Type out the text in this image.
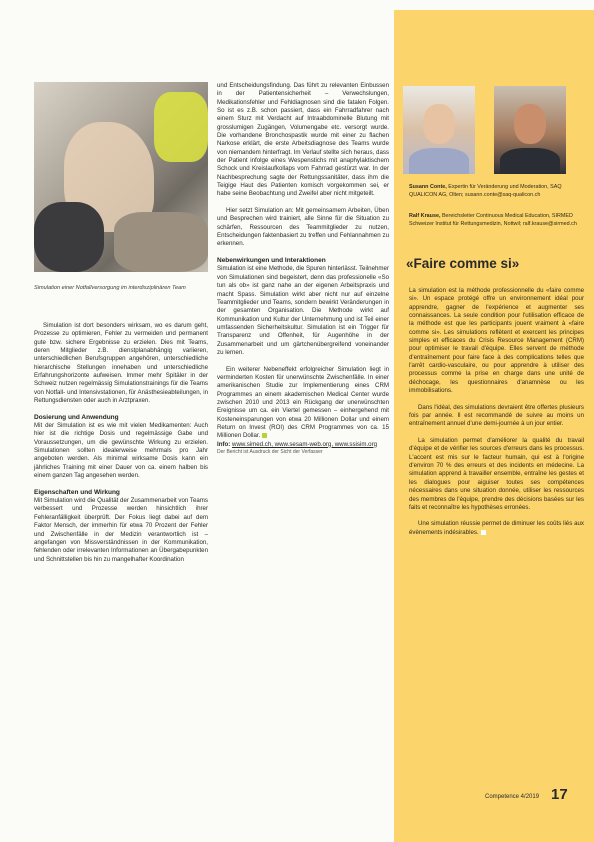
Simulation einer Notfallversorgung im interdisziplinären Team

Simulation ist dort besonders wirksam, wo es darum geht, Prozesse zu optimieren, Fehler zu vermeiden und permanent gute bzw. sichere Ergebnisse zu erzielen. Dies mit Teams, deren Mitglieder z.B. dienstplanabhängig variieren, unterschiedlichen Berufsgruppen angehören, unterschiedliche hierarchische Stellungen innehaben und unterschiedliche Erfahrungshorizonte aufweisen. Immer mehr Spitäler in der Schweiz nutzen regelmässig Simulationstrainings für die Teams von Notfall- und Intensivstationen, für Anästhesieabteilungen, in Rettungsdiensten oder auch in Arztpraxen.

Dosierung und Anwendung

Mit der Simulation ist es wie mit vielen Medikamenten: Auch hier ist die richtige Dosis und regelmässige Gabe und Voraussetzungen, um die gewünschte Wirkung zu erzielen. Simulationen sollten idealerweise mehrmals pro Jahr angeboten werden. Als minimal wirksame Dosis kann ein jährliches Training mit einer Dauer von ca. einem halben bis einem ganzen Tag angesehen werden.

Eigenschaften und Wirkung

Mit Simulation wird die Qualität der Zusammenarbeit von Teams verbessert und Prozesse werden hinsichtlich ihrer Fehleranfälligkeit überprüft. Der Fokus liegt dabei auf dem Faktor Mensch, der immerhin für etwa 70 Prozent der Fehler und Zwischenfälle in der Medizin verantwortlich ist – angefangen von Missverständnissen in der Kommunikation, fehlenden oder irrelevanten Informationen an Übergabepunkten und Schnittstellen bis hin zu mangelhafter Koordination

und Entscheidungsfindung. Das führt zu relevanten Einbussen in der Patientensicherheit – Verwechslungen, Medikationsfehler und Fehldiagnosen sind die fatalen Folgen. So ist es z.B. schon passiert, dass ein Fahrradfahrer nach einem Sturz mit Verdacht auf Intraabdominelle Blutung mit grosslumigen Zugängen, Volumengabe etc. versorgt wurde. Die vorhandene Bronchospastik wurde mit einer zu flachen Narkose erklärt, die erste Arbeitsdiagnose des Teams wurde von niemandem hinterfragt. Im Verlauf stellte sich heraus, dass der Patient infolge eines Wespenstichs mit anaphylaktischem Schock und Kreislaufkollaps vom Fahrrad gestürzt war. In der Nachbesprechung sagte der Rettungssanitäter, dass ihm die Teigige Haut des Patienten komisch vorgekommen sei, er habe seine Beobachtung und Zweifel aber nicht mitgeteilt.

Hier setzt Simulation an: Mit gemeinsamem Arbeiten, Üben und Besprechen wird trainiert, alle Sinne für die Situation zu schärfen, Ressourcen des Teammitglieder zu nutzen, Entscheidungen faktenbasiert zu treffen und Fehlannahmen zu erkennen.

Nebenwirkungen und Interaktionen

Simulation ist eine Methode, die Spuren hinterlässt. Teilnehmer von Simulationen sind begeistert, denn das professionelle «So tun als ob» ist ganz nahe an der eigenen Arbeitspraxis und macht Spass. Simulation wirkt aber nicht nur auf einzelne Teammitglieder und Teams, sondern bewirkt Veränderungen in der gesamten Organisation. Die Methode wirkt auf Kommunikation und Kultur der Unternehmung und ist Teil einer umfassenden Sicherheitskultur. Simulation ist ein Trigger für Transparenz und Offenheit, für Augenhöhe in der Zusammenarbeit und um gärtchenübergreifend voneinander zu lernen.

Ein weiterer Nebeneffekt erfolgreicher Simulation liegt in verminderten Kosten für unerwünschte Zwischenfälle. In einer amerikanischen Studie zur Implementierung eines CRM Programmes an einem akademischen Medical Center wurde zwischen 2010 und 2013 ein Rückgang der unerwünschten Ereignisse um ca. ein Viertel gemessen – einhergehend mit Kosteneinsparungen von etwa 20 Millionen Dollar und einem Return on Invest (ROI) des CRM Programmes von ca. 15 Millionen Dollar.

Info: www.simed.ch, www.sesam-web.org, www.ssisim.org
Der Bericht ist Ausdruck der Sicht der Verfasser
Susann Conte, Expertin für Veränderung und Moderation, SAQ QUALICON AG, Olten; susann.conte@saq-qualicon.ch
Ralf Krause, Bereichsleiter Continuous Medical Education, SIRMED Schweizer Institut für Rettungsmedizin, Nottwil; ralf.krause@sirmed.ch
«Faire comme si»

La simulation est la méthode professionnelle du «faire comme si». Un espace protégé offre un environnement idéal pour apprendre, gagner de l'expérience et augmenter ses connaissances. La seule condition pour l'utilisation efficace de la méthode est que les participants jouent vraiment à «faire comme si». Les simulations reflètent et exercent les principes simples et efficaces du Crisis Resource Management (CRM) pour optimiser le travail d'équipe. Elles servent de méthode d'entraînement pour faire face à des complications telles que l'arrêt cardio-vasculaire, ou pour apprendre à utiliser des processus comme la prise en charge dans une unité de déchocage, les questionnaires d'anamnèse ou les immobilisations.

Dans l'idéal, des simulations devraient être offertes plusieurs fois par année. Il est recommandé de suivre au moins un entraînement annuel d'une demi-journée à un jour entier.

La simulation permet d'améliorer la qualité du travail d'équipe et de vérifier les sources d'erreurs dans les processus. L'accent est mis sur le facteur humain, qui est à l'origine d'environ 70 % des erreurs et des incidents en médecine. La simulation apprend à travailler ensemble, entraîne les gestes et les dialogues pour aiguiser toutes ses compétences nécessaires dans une situation donnée, utiliser les ressources des membres de l'équipe, prendre des décisions basées sur les faits et reconnaître les hypothèses erronées.

Une simulation réussie permet de diminuer les coûts liés aux évènements indésirables.

Competence 4/2019 17
